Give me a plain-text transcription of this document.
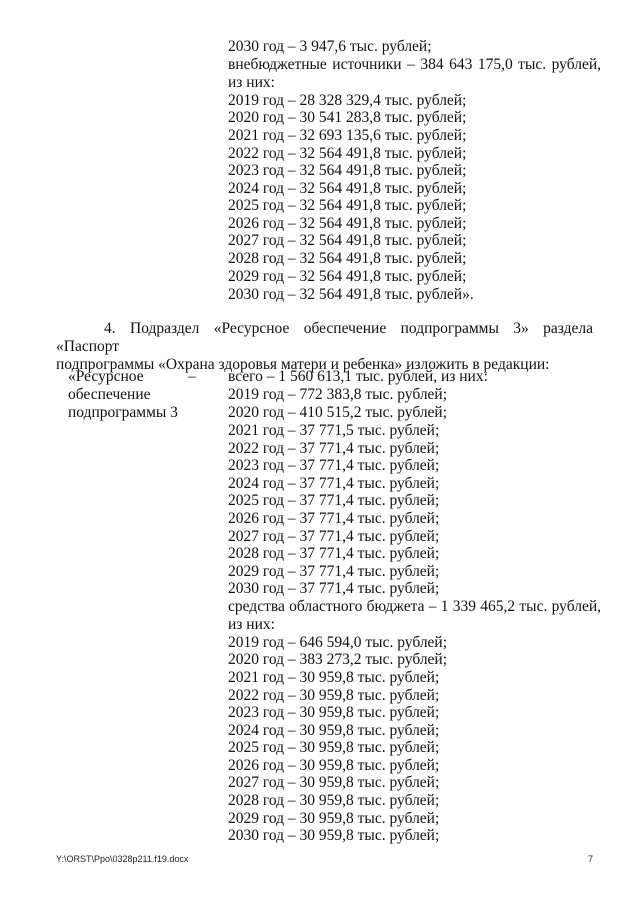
2030 год – 3 947,6 тыс. рублей;
внебюджетные источники – 384 643 175,0 тыс. рублей,
из них:
2019 год – 28 328 329,4 тыс. рублей;
2020 год – 30 541 283,8 тыс. рублей;
2021 год – 32 693 135,6 тыс. рублей;
2022 год – 32 564 491,8 тыс. рублей;
2023 год – 32 564 491,8 тыс. рублей;
2024 год – 32 564 491,8 тыс. рублей;
2025 год – 32 564 491,8 тыс. рублей;
2026 год – 32 564 491,8 тыс. рублей;
2027 год – 32 564 491,8 тыс. рублей;
2028 год – 32 564 491,8 тыс. рублей;
2029 год – 32 564 491,8 тыс. рублей;
2030 год – 32 564 491,8 тыс. рублей».
4. Подраздел «Ресурсное обеспечение подпрограммы 3» раздела «Паспорт
подпрограммы «Охрана здоровья матери и ребенка» изложить в редакции:
«Ресурсное
обеспечение
подпрограммы 3
– всего – 1 560 613,1 тыс. рублей, из них:
2019 год – 772 383,8 тыс. рублей;
2020 год – 410 515,2 тыс. рублей;
2021 год – 37 771,5 тыс. рублей;
2022 год – 37 771,4 тыс. рублей;
2023 год – 37 771,4 тыс. рублей;
2024 год – 37 771,4 тыс. рублей;
2025 год – 37 771,4 тыс. рублей;
2026 год – 37 771,4 тыс. рублей;
2027 год – 37 771,4 тыс. рублей;
2028 год – 37 771,4 тыс. рублей;
2029 год – 37 771,4 тыс. рублей;
2030 год – 37 771,4 тыс. рублей;
средства областного бюджета – 1 339 465,2 тыс. рублей,
из них:
2019 год – 646 594,0 тыс. рублей;
2020 год – 383 273,2 тыс. рублей;
2021 год – 30 959,8 тыс. рублей;
2022 год – 30 959,8 тыс. рублей;
2023 год – 30 959,8 тыс. рублей;
2024 год – 30 959,8 тыс. рублей;
2025 год – 30 959,8 тыс. рублей;
2026 год – 30 959,8 тыс. рублей;
2027 год – 30 959,8 тыс. рублей;
2028 год – 30 959,8 тыс. рублей;
2029 год – 30 959,8 тыс. рублей;
2030 год – 30 959,8 тыс. рублей;
Y:\ORST\Ppo\0328p211.f19.docx	7
